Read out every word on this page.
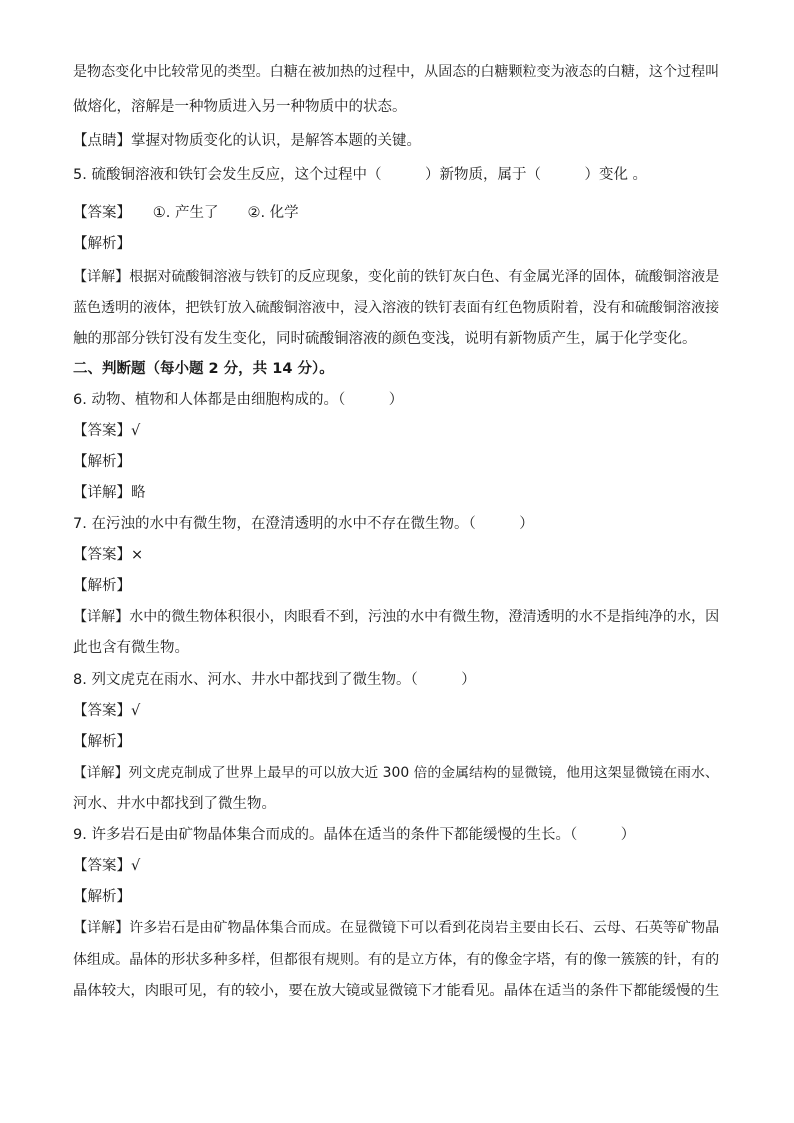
是物态变化中比较常见的类型。白糖在被加热的过程中，从固态的白糖颗粒变为液态的白糖，这个过程叫
做熔化，溶解是一种物质进入另一种物质中的状态。
【点睛】掌握对物质变化的认识，是解答本题的关键。
5. 硫酸铜溶液和铁钉会发生反应，这个过程中（　　　）新物质，属于（　　　）变化 。
【答案】　　①. 产生了　　②. 化学
【解析】
【详解】根据对硫酸铜溶液与铁钉的反应现象，变化前的铁钉灰白色、有金属光泽的固体，硫酸铜溶液是
蓝色透明的液体，把铁钉放入硫酸铜溶液中，浸入溶液的铁钉表面有红色物质附着，没有和硫酸铜溶液接
触的那部分铁钉没有发生变化，同时硫酸铜溶液的颜色变浅，说明有新物质产生，属于化学变化。
二、判断题（每小题 2 分，共 14 分）。
6. 动物、植物和人体都是由细胞构成的。（　　　）
【答案】√
【解析】
【详解】略
7. 在污浊的水中有微生物，在澄清透明的水中不存在微生物。（　　　）
【答案】×
【解析】
【详解】水中的微生物体积很小，肉眼看不到，污浊的水中有微生物，澄清透明的水不是指纯净的水，因
此也含有微生物。
8. 列文虎克在雨水、河水、井水中都找到了微生物。（　　　）
【答案】√
【解析】
【详解】列文虎克制成了世界上最早的可以放大近 300 倍的金属结构的显微镜，他用这架显微镜在雨水、
河水、井水中都找到了微生物。
9. 许多岩石是由矿物晶体集合而成的。晶体在适当的条件下都能缓慢的生长。（　　　）
【答案】√
【解析】
【详解】许多岩石是由矿物晶体集合而成。在显微镜下可以看到花岗岩主要由长石、云母、石英等矿物晶
体组成。晶体的形状多种多样，但都很有规则。有的是立方体，有的像金字塔，有的像一簇簇的针，有的
晶体较大，肉眼可见，有的较小，要在放大镜或显微镜下才能看见。晶体在适当的条件下都能缓慢的生
